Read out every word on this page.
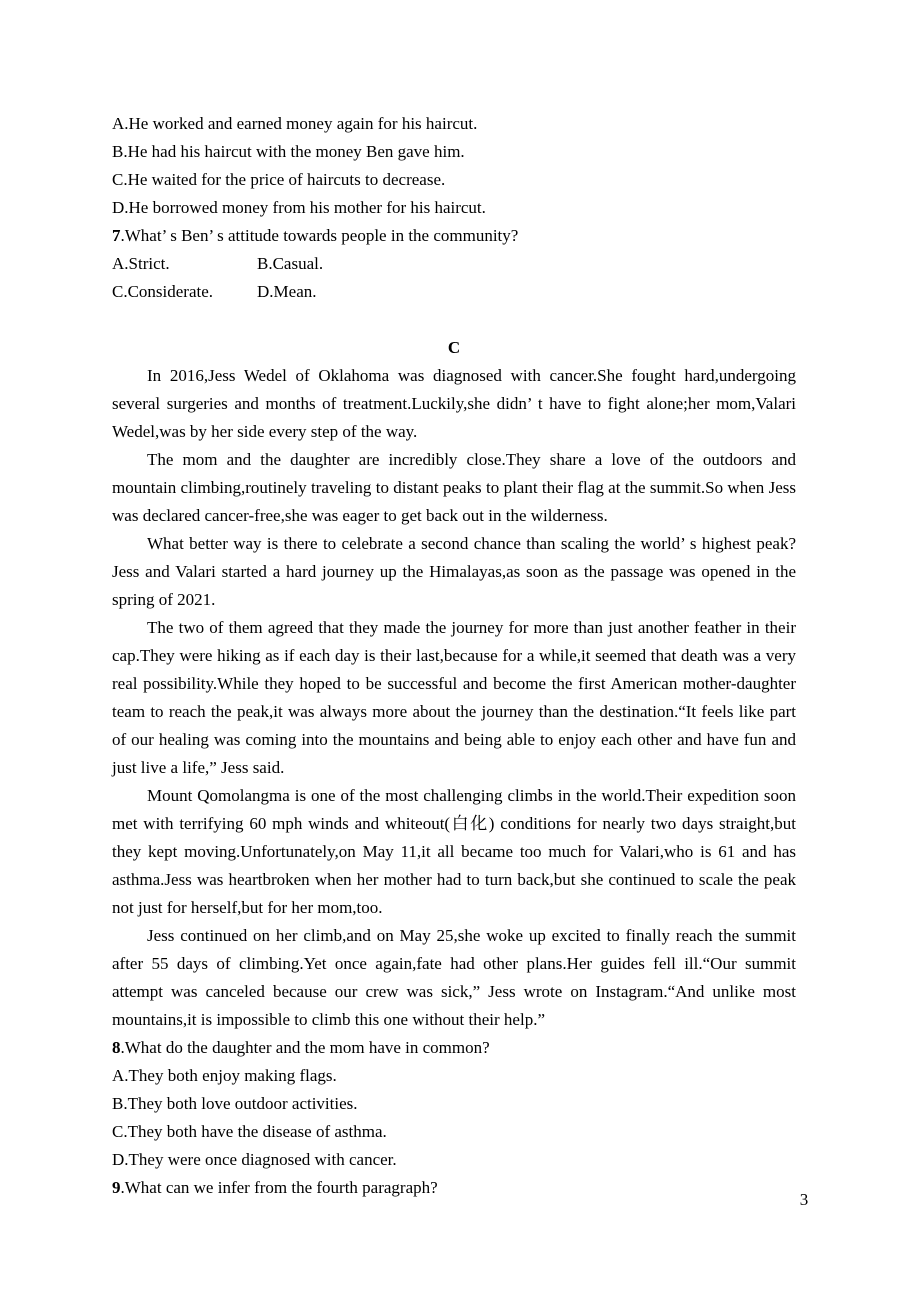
A.He worked and earned money again for his haircut.
B.He had his haircut with the money Ben gave him.
C.He waited for the price of haircuts to decrease.
D.He borrowed money from his mother for his haircut.
7.What’ s Ben’ s attitude towards people in the community?
A.Strict.	B.Casual.
C.Considerate.	D.Mean.
C

In 2016,Jess Wedel of Oklahoma was diagnosed with cancer.She fought hard,undergoing several surgeries and months of treatment.Luckily,she didn’ t have to fight alone;her mom,Valari Wedel,was by her side every step of the way.

The mom and the daughter are incredibly close.They share a love of the outdoors and mountain climbing,routinely traveling to distant peaks to plant their flag at the summit.So when Jess was declared cancer-free,she was eager to get back out in the wilderness.

What better way is there to celebrate a second chance than scaling the world’ s highest peak?Jess and Valari started a hard journey up the Himalayas,as soon as the passage was opened in the spring of 2021.

The two of them agreed that they made the journey for more than just another feather in their cap.They were hiking as if each day is their last,because for a while,it seemed that death was a very real possibility.While they hoped to be successful and become the first American mother-daughter team to reach the peak,it was always more about the journey than the destination.“It feels like part of our healing was coming into the mountains and being able to enjoy each other and have fun and just live a life,” Jess said.

Mount Qomolangma is one of the most challenging climbs in the world.Their expedition soon met with terrifying 60 mph winds and whiteout(白化) conditions for nearly two days straight,but they kept moving.Unfortunately,on May 11,it all became too much for Valari,who is 61 and has asthma.Jess was heartbroken when her mother had to turn back,but she continued to scale the peak not just for herself,but for her mom,too.

Jess continued on her climb,and on May 25,she woke up excited to finally reach the summit after 55 days of climbing.Yet once again,fate had other plans.Her guides fell ill.“Our summit attempt was canceled because our crew was sick,” Jess wrote on Instagram.“And unlike most mountains,it is impossible to climb this one without their help.”

8.What do the daughter and the mom have in common?
A.They both enjoy making flags.
B.They both love outdoor activities.
C.They both have the disease of asthma.
D.They were once diagnosed with cancer.
9.What can we infer from the fourth paragraph?
3
